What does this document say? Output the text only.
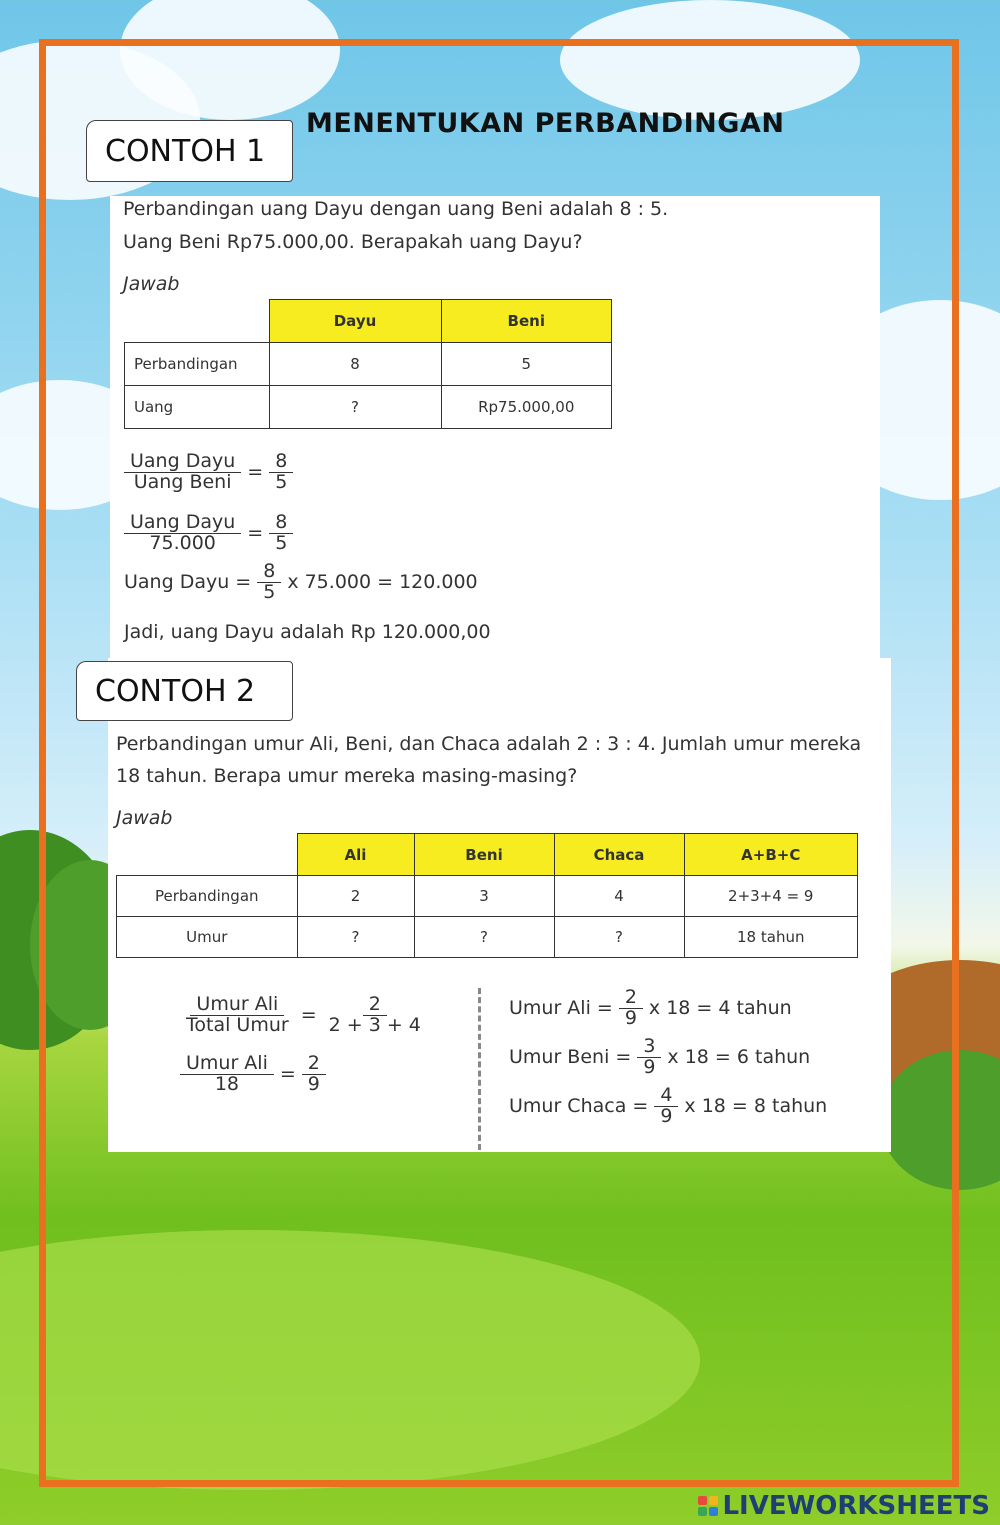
MENENTUKAN PERBANDINGAN
CONTOH 1
Perbandingan uang Dayu dengan uang Beni adalah 8 : 5.
Uang Beni Rp75.000,00. Berapakah uang Dayu?
Jawab
	Dayu	Beni
Perbandingan	8	5
Uang	?	Rp75.000,00
$\frac{\text{Uang Dayu}}{\text{Uang Beni}} = \frac{8}{5}$
$\frac{\text{Uang Dayu}}{75.000} = \frac{8}{5}$
Uang Dayu = $\frac{8}{5}$ x 75.000 = 120.000
Jadi, uang Dayu adalah Rp 120.000,00
CONTOH 2
Perbandingan umur Ali, Beni, dan Chaca adalah 2 : 3 : 4. Jumlah umur mereka
18 tahun. Berapa umur mereka masing-masing?
Jawab
	Ali	Beni	Chaca	A+B+C
Perbandingan	2	3	4	2+3+4 = 9
Umur	?	?	?	18 tahun
$\frac{\text{Umur Ali}}{\text{Total Umur}} = \frac{2}{2 + 3 + 4}$
$\frac{\text{Umur Ali}}{18} = \frac{2}{9}$
Umur Ali = $\frac{2}{9}$ x 18 = 4 tahun
Umur Beni = $\frac{3}{9}$ x 18 = 6 tahun
Umur Chaca = $\frac{4}{9}$ x 18 = 8 tahun
LIVEWORKSHEETS
